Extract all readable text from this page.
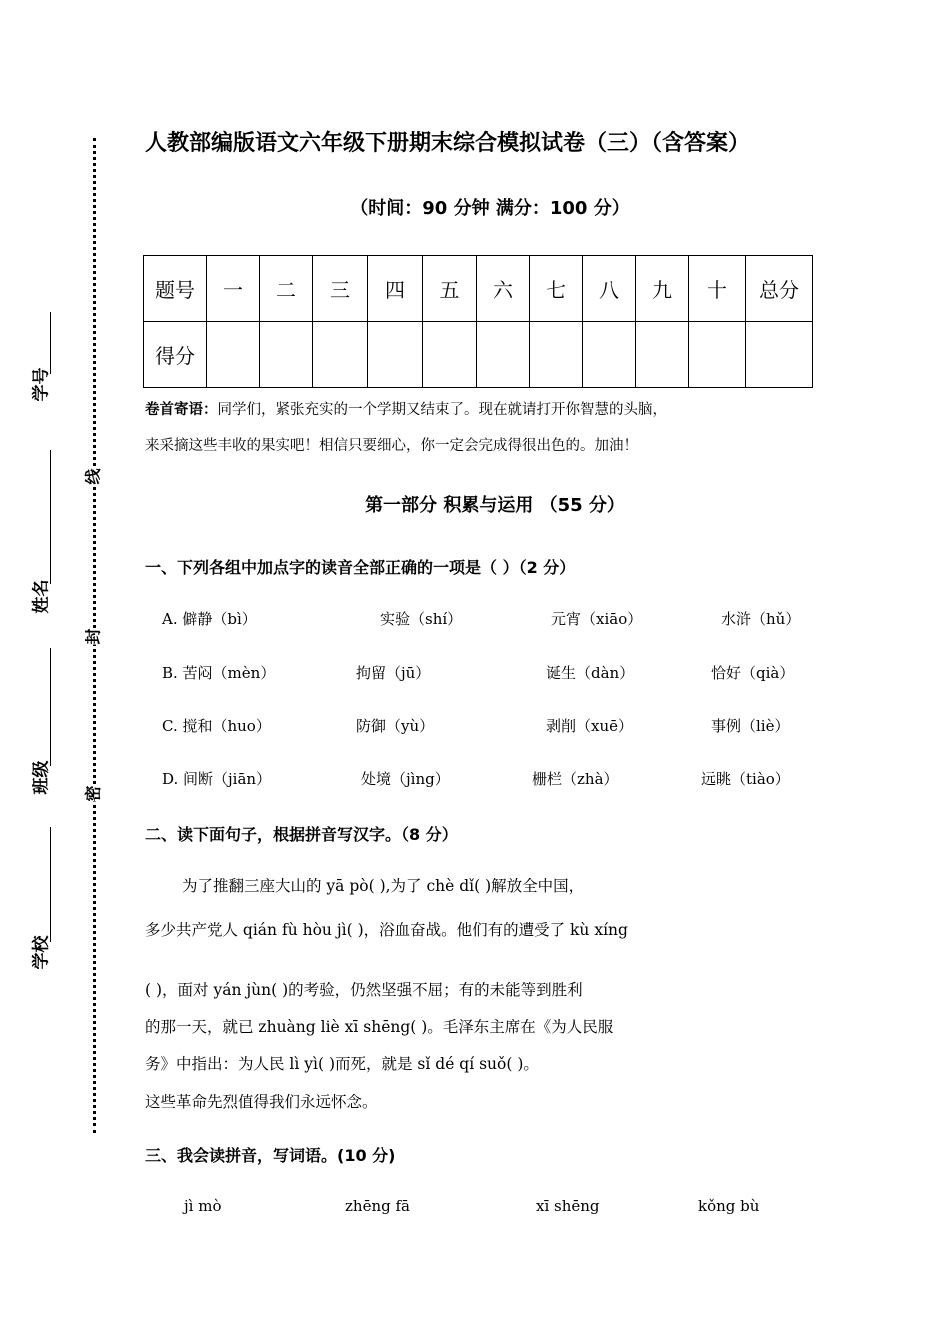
学号
姓名
班级
学校
线
封
密
人教部编版语文六年级下册期末综合模拟试卷（三）（含答案）
（时间：90 分钟 满分：100 分）
题号	一	二	三	四	五	六	七	八	九	十	总分
得分											
卷首寄语：同学们，紧张充实的一个学期又结束了。现在就请打开你智慧的头脑，
来采摘这些丰收的果实吧！相信只要细心，你一定会完成得很出色的。加油！
第一部分 积累与运用 （55 分）
一、下列各组中加点字的读音全部正确的一项是（ ）（2 分）
A. 僻静（bì）	实验（shí）	元宵（xiāo）	水浒（hǔ）
B. 苦闷（mèn）	拘留（jū）	诞生（dàn）	恰好（qià）
C. 搅和（huo）	防御（yù）	剥削（xuē）	事例（liè）
D. 间断（jiān）	处境（jìng）	栅栏（zhà）	远眺（tiào）
二、读下面句子，根据拼音写汉字。（8 分）
为了推翻三座大山的 yā pò( ),为了 chè dǐ( )解放全中国，
多少共产党人 qián fù hòu jì( )，浴血奋战。他们有的遭受了 kù xíng
( )，面对 yán jùn( )的考验，仍然坚强不屈；有的未能等到胜利
的那一天，就已 zhuàng liè xī shēng( )。毛泽东主席在《为人民服
务》中指出：为人民 lì yì( )而死，就是 sǐ dé qí suǒ( )。
这些革命先烈值得我们永远怀念。
三、我会读拼音，写词语。(10 分)
jì mò	zhēng fā	xī shēng	kǒng bù
